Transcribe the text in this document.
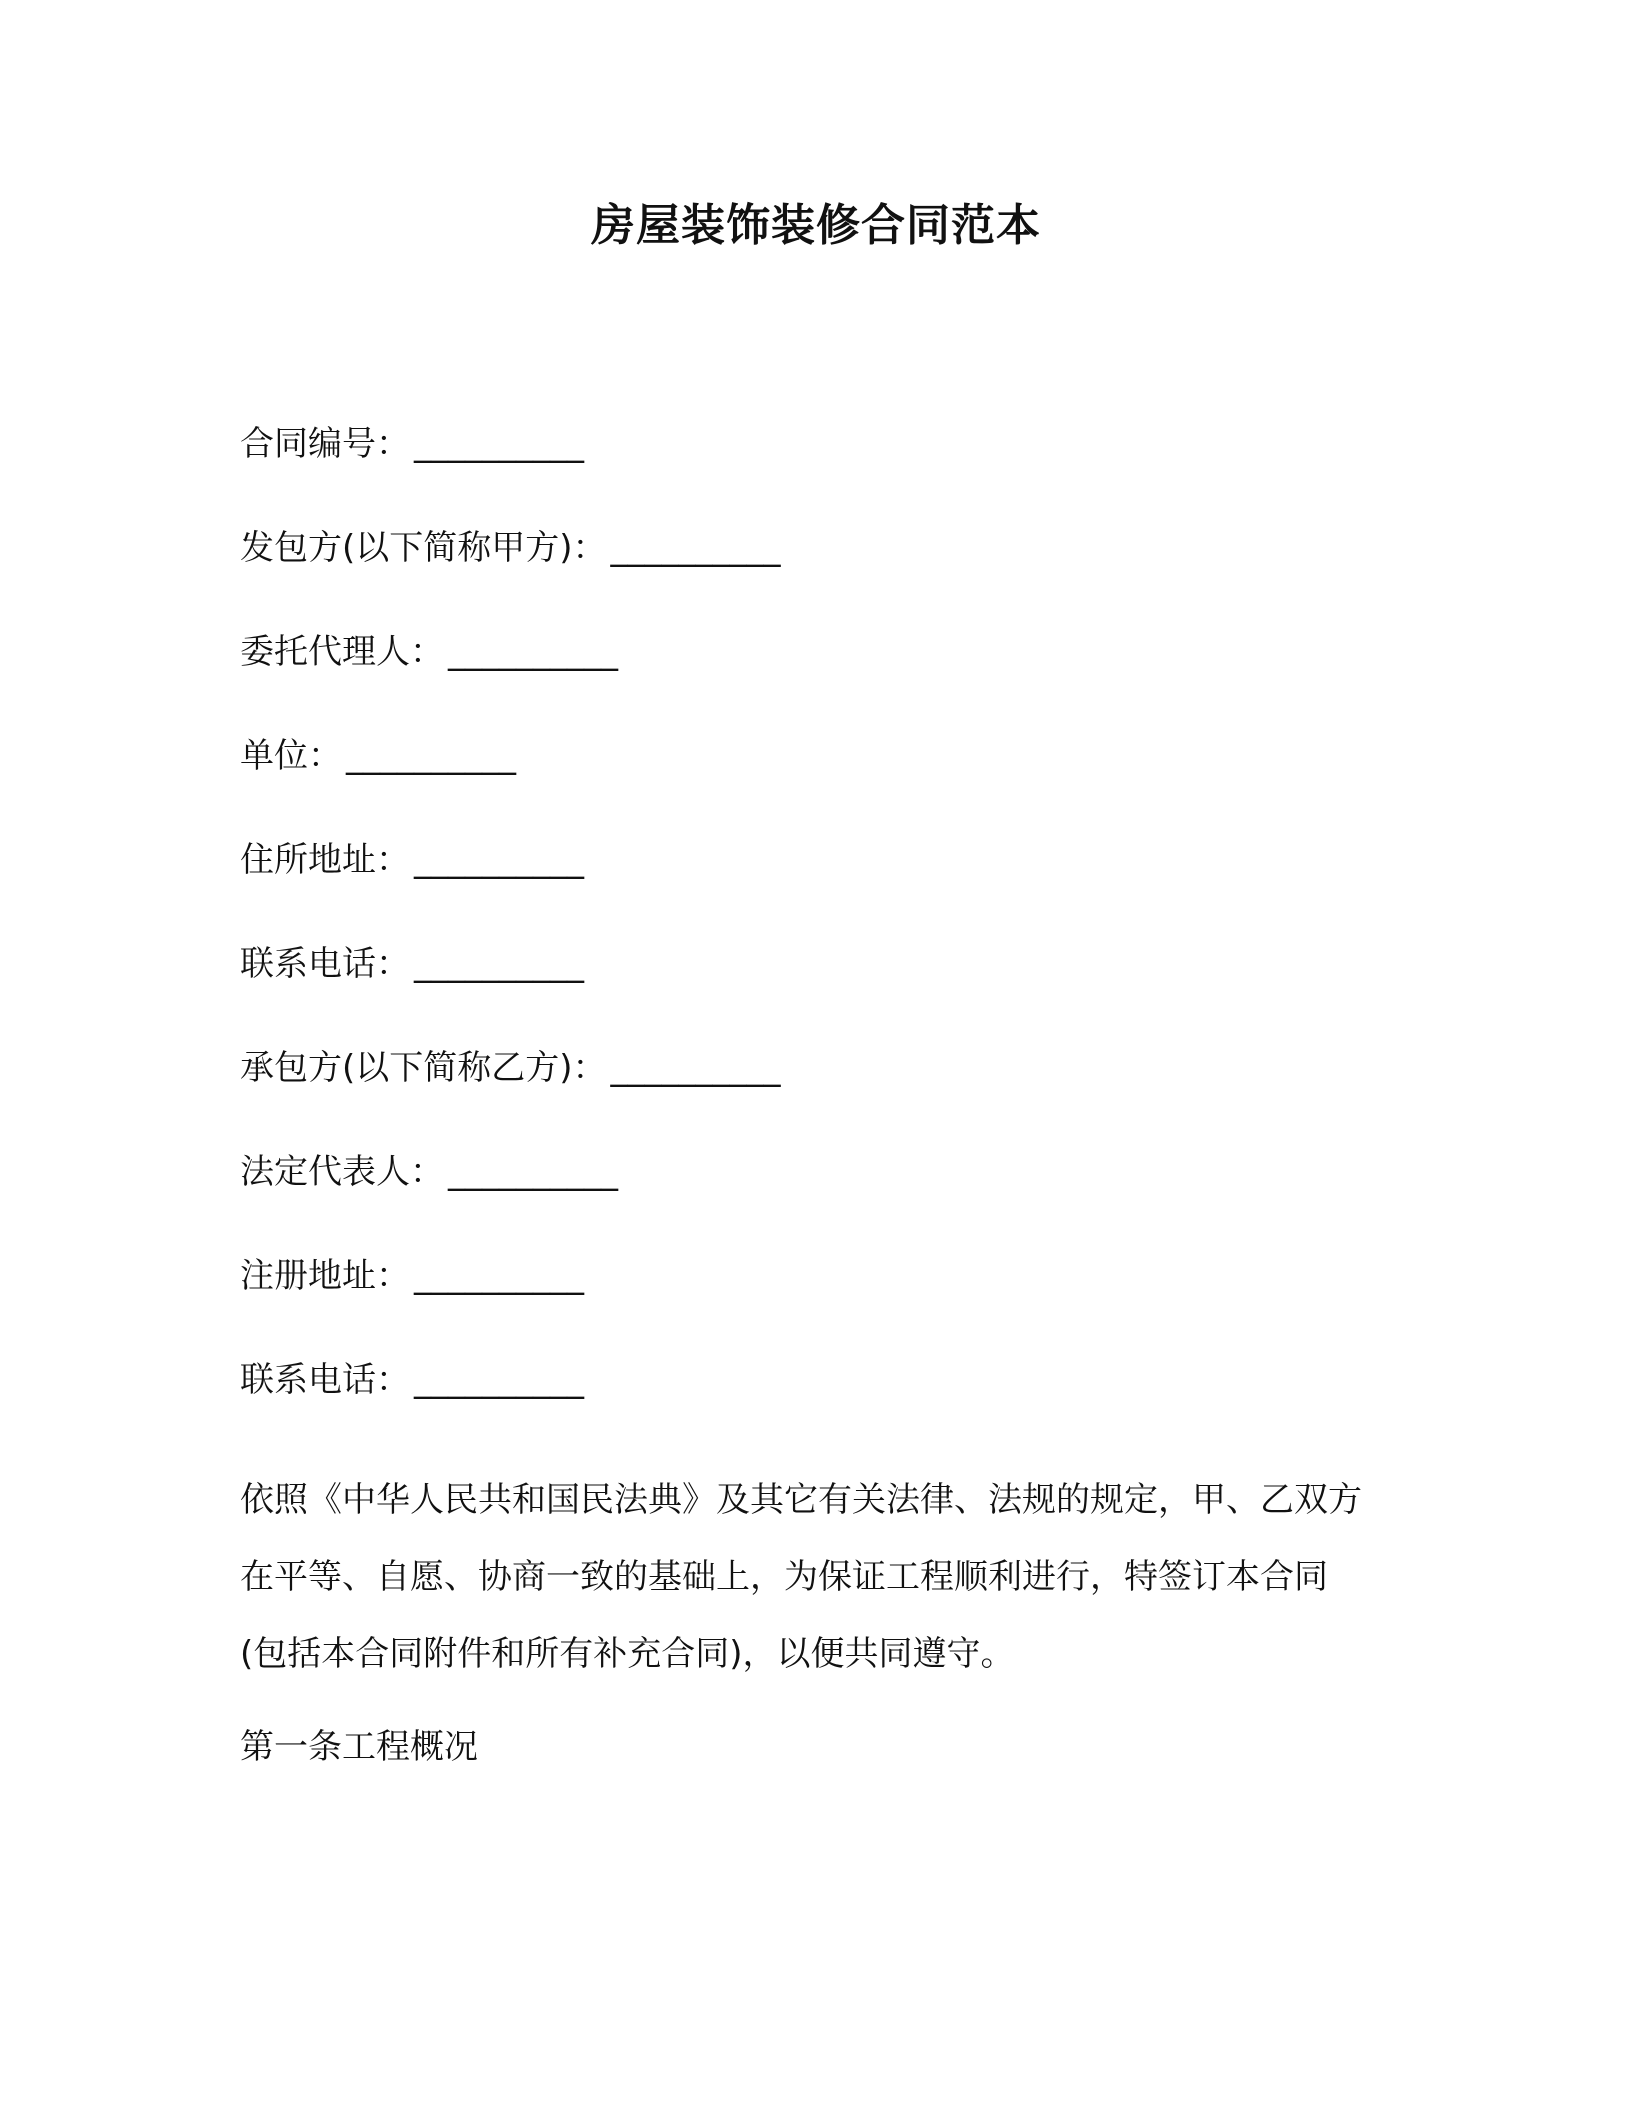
房屋装饰装修合同范本
合同编号： __________
发包方(以下简称甲方)： __________
委托代理人： __________
单位： __________
住所地址： __________
联系电话： __________
承包方(以下简称乙方)： __________
法定代表人： __________
注册地址： __________
联系电话： __________
依照《中华人民共和国民法典》及其它有关法律、法规的规定，甲、乙双方在平等、自愿、协商一致的基础上，为保证工程顺利进行，特签订本合同(包括本合同附件和所有补充合同)，以便共同遵守。
第一条工程概况
